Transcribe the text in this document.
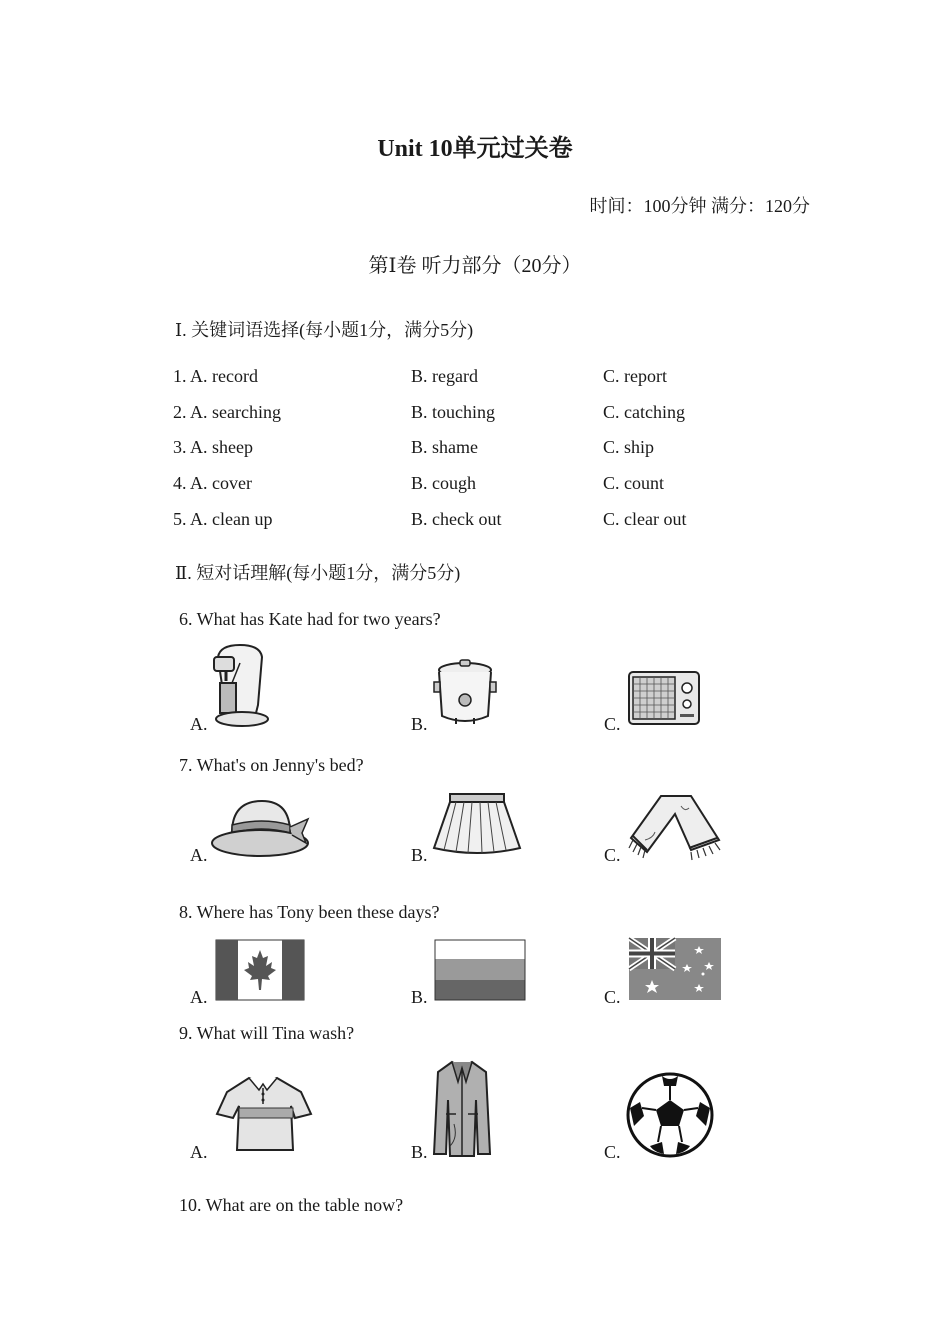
Unit 10单元过关卷
时间：100分钟 满分：120分
第Ⅰ卷 听力部分（20分）
Ⅰ. 关键词语选择(每小题1分，满分5分)
1. A. record	B. regard	C. report
2. A. searching	B. touching	C. catching
3. A. sheep	B. shame	C. ship
4. A. cover	B. cough	C. count
5. A. clean up	B. check out	C. clear out
Ⅱ. 短对话理解(每小题1分，满分5分)
6. What has Kate had for two years?
A.	B.	C.
7. What's on Jenny's bed?
A.	B.	C.
8. Where has Tony been these days?
A.	B.	C.
9. What will Tina wash?
A.	B.	C.
10. What are on the table now?
